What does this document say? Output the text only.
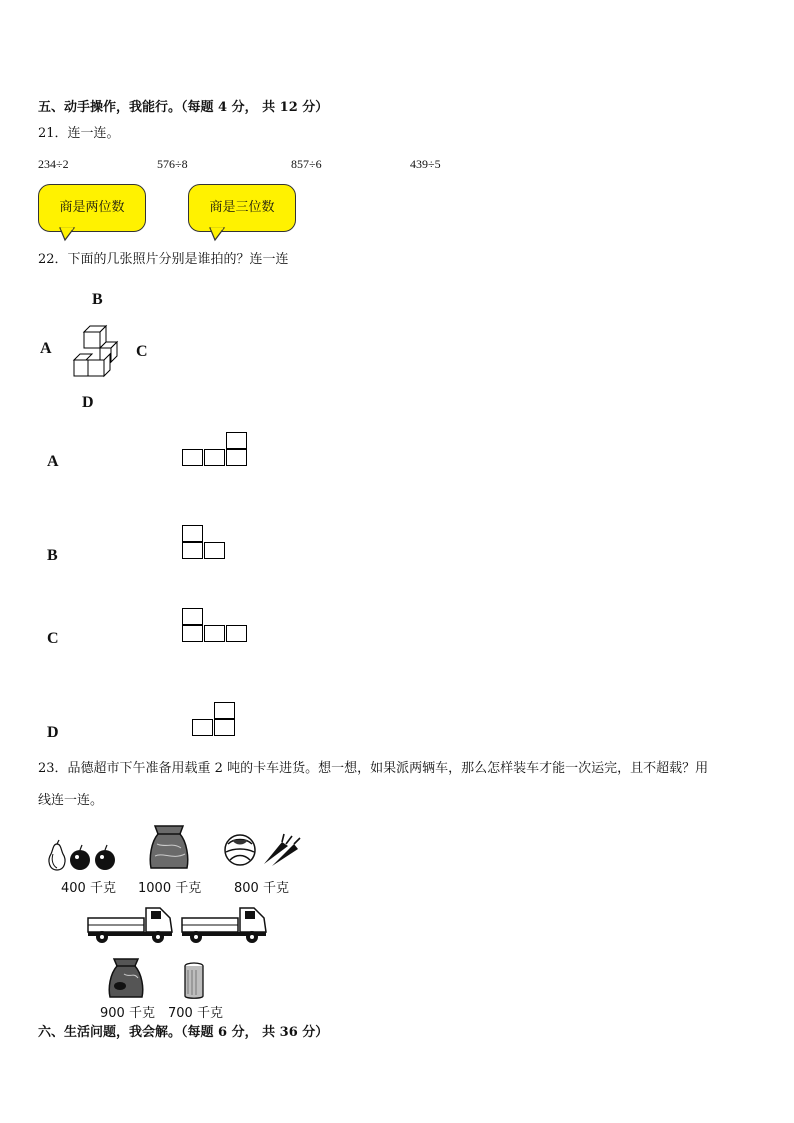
五、动手操作，我能行。（每题 4 分， 共 12 分）
21．连一连。
234÷2	576÷8	857÷6	439÷5
商是两位数	商是三位数
22．下面的几张照片分别是谁拍的？连一连
B
A	C
D
A
B
C
D
23．品德超市下午准备用载重 2 吨的卡车进货。想一想，如果派两辆车，那么怎样装车才能一次运完，且不超载？用
线连一连。
400 千克 1000 千克	800 千克
900 千克 700 千克
六、生活问题，我会解。（每题 6 分， 共 36 分）
